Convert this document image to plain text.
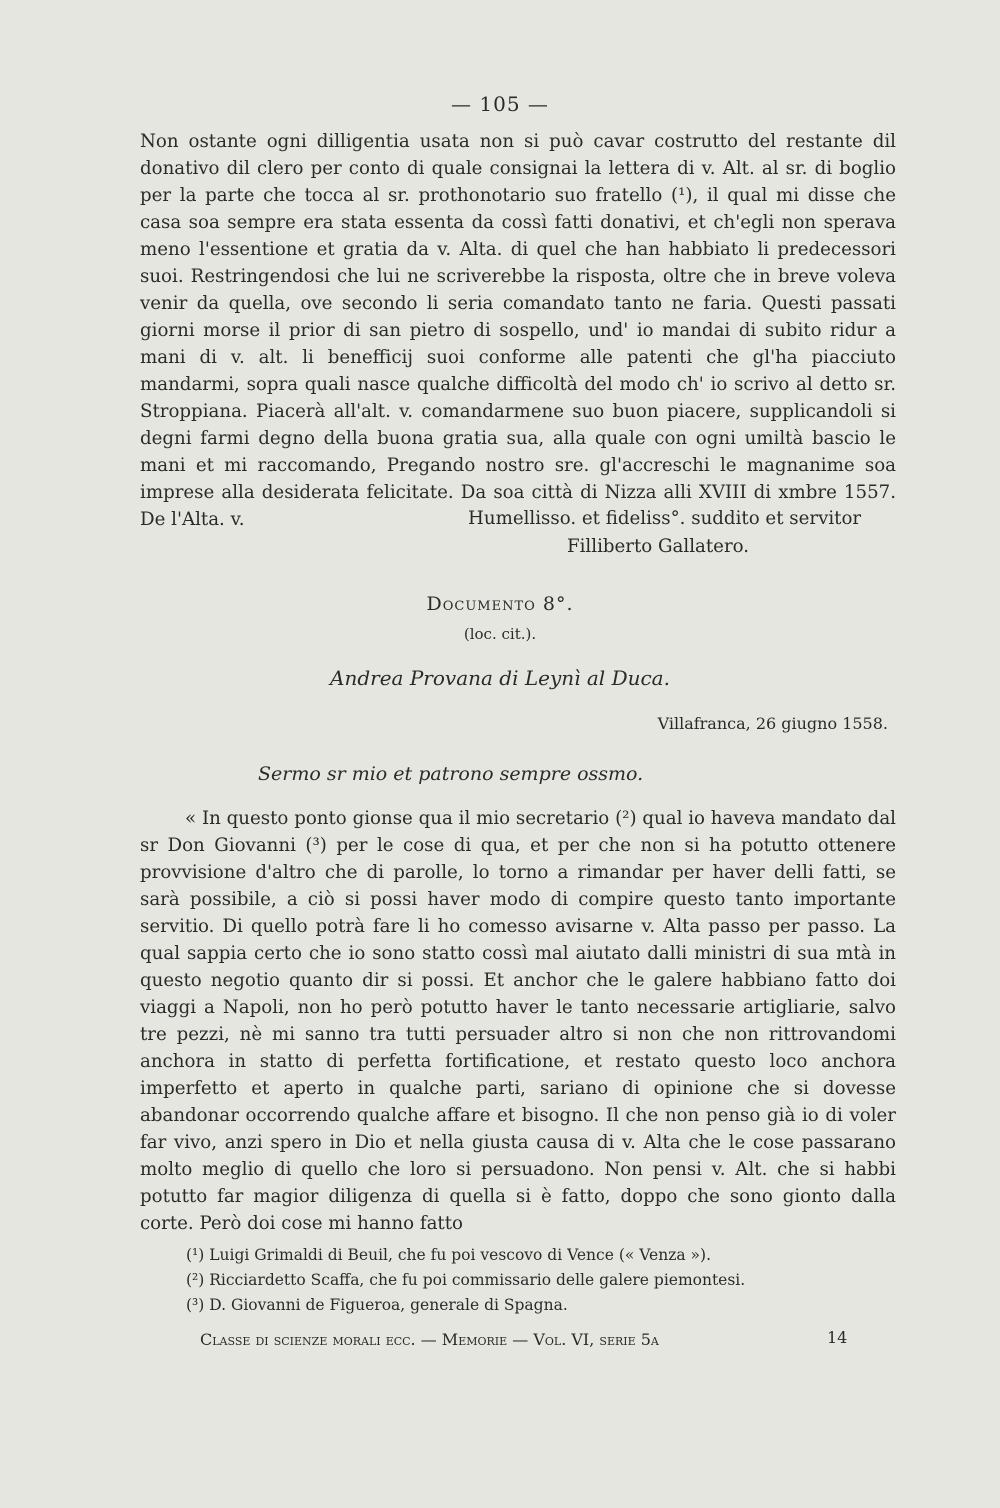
— 105 —

Non ostante ogni dilligentia usata non si può cavar costrutto del restante dil donativo dil clero per conto di quale consignai la lettera di v. Alt. al sr. di boglio per la parte che tocca al sr. prothonotario suo fratello (¹), il qual mi disse che casa soa sempre era stata essenta da cossì fatti donativi, et ch'egli non sperava meno l'essentione et gratia da v. Alta. di quel che han habbiato li predecessori suoi. Restringendosi che lui ne scriverebbe la risposta, oltre che in breve voleva venir da quella, ove secondo li seria comandato tanto ne faria. Questi passati giorni morse il prior di san pietro di sospello, und' io mandai di subito ridur a mani di v. alt. li benefficij suoi conforme alle patenti che gl'ha piacciuto mandarmi, sopra quali nasce qualche difficoltà del modo ch' io scrivo al detto sr. Stroppiana. Piacerà all'alt. v. comandarmene suo buon piacere, supplicandoli si degni farmi degno della buona gratia sua, alla quale con ogni umiltà bascio le mani et mi raccomando, Pregando nostro sre. gl'accreschi le magnanime soa imprese alla desiderata felicitate. Da soa città di Nizza alli XVIII di xmbre 1557. De l'Alta. v.	Humellisso. et fideliss°. suddito et servitor
Filliberto Gallatero.
Documento 8°.
(loc. cit.).
Andrea Provana di Leynì al Duca.
Villafranca, 26 giugno 1558.
Sermo sr mio et patrono sempre ossmo.

« In questo ponto gionse qua il mio secretario (²) qual io haveva mandato dal sr Don Giovanni (³) per le cose di qua, et per che non si ha potutto ottenere provvisione d'altro che di parolle, lo torno a rimandar per haver delli fatti, se sarà possibile, a ciò si possi haver modo di compire questo tanto importante servitio. Di quello potrà fare li ho comesso avisarne v. Alta passo per passo. La qual sappia certo che io sono statto cossì mal aiutato dalli ministri di sua mtà in questo negotio quanto dir si possi. Et anchor che le galere habbiano fatto doi viaggi a Napoli, non ho però potutto haver le tanto necessarie artigliarie, salvo tre pezzi, nè mi sanno tra tutti persuader altro si non che non rittrovandomi anchora in statto di perfetta fortificatione, et restato questo loco anchora imperfetto et aperto in qualche parti, sariano di opinione che si dovesse abandonar occorrendo qualche affare et bisogno. Il che non penso già io di voler far vivo, anzi spero in Dio et nella giusta causa di v. Alta che le cose passarano molto meglio di quello che loro si persuadono. Non pensi v. Alt. che si habbi potutto far magior diligenza di quella si è fatto, doppo che sono gionto dalla corte. Però doi cose mi hanno fatto

(¹) Luigi Grimaldi di Beuil, che fu poi vescovo di Vence (« Venza »).
(²) Ricciardetto Scaffa, che fu poi commissario delle galere piemontesi.
(³) D. Giovanni de Figueroa, generale di Spagna.
Classe di scienze morali ecc. — Memorie — Vol. VI, serie 5a	14
